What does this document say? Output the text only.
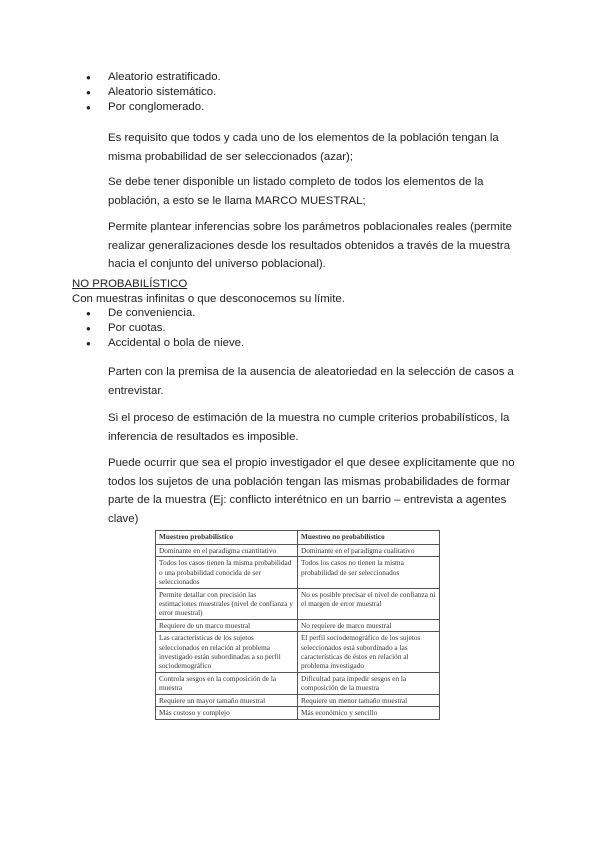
● Aleatorio estratificado.
● Aleatorio sistemático.
● Por conglomerado.
Es requisito que todos y cada uno de los elementos de la población tengan la misma probabilidad de ser seleccionados (azar);
Se debe tener disponible un listado completo de todos los elementos de la población, a esto se le llama MARCO MUESTRAL;
Permite plantear inferencias sobre los parámetros poblacionales reales (permite realizar generalizaciones desde los resultados obtenidos a través de la muestra hacia el conjunto del universo poblacional).
NO PROBABILÍSTICO
Con muestras infinitas o que desconocemos su límite.
● De conveniencia.
● Por cuotas.
● Accidental o bola de nieve.
Parten con la premisa de la ausencia de aleatoriedad en la selección de casos a entrevistar.
Si el proceso de estimación de la muestra no cumple criterios probabilísticos, la inferencia de resultados es imposible.
Puede ocurrir que sea el propio investigador el que desee explícitamente que no todos los sujetos de una población tengan las mismas probabilidades de formar parte de la muestra (Ej: conflicto interétnico en un barrio – entrevista a agentes clave)
Muestreo probabilístico	Muestreo no probabilístico
Dominante en el paradigma cuantitativo	Dominante en el paradigma cualitativo
Todos los casos tienen la misma probabilidad o una probabilidad conocida de ser seleccionados	Todos los casos no tienen la misma probabilidad de ser seleccionados
Permite detallar con precisión las estimaciones muestrales (nivel de confianza y error muestral)	No es posible precisar el nivel de confianza ni el margen de error muestral
Requiere de un marco muestral	No requiere de marco muestral
Las características de los sujetos seleccionados en relación al problema investigado están subordinadas a su perfil sociodemográfico	El perfil sociodemográfico de los sujetos seleccionados está subordinado a las características de éstos en relación al problema investigado
Controla sesgos en la composición de la muestra	Dificultad para impedir sesgos en la composición de la muestra
Requiere un mayor tamaño muestral	Requiere un menor tamaño muestral
Más costoso y complejo	Más económico y sencillo
